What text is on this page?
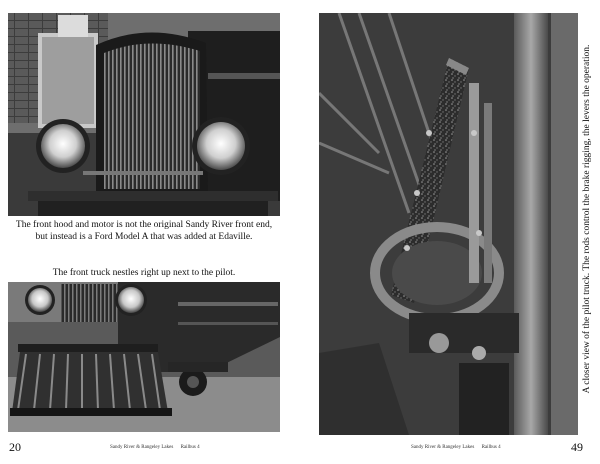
The front hood and motor is not the original Sandy River front end,
but instead is a Ford Model A that was added at Edaville.
The front truck nestles right up next to the pilot.
20	Sandy River & Rangeley Lakes Railbus 4	49
Sandy River & Rangeley Lakes Railbus 4
A closer view of the pilot truck. The rods control the brake rigging, the levers the operation.
